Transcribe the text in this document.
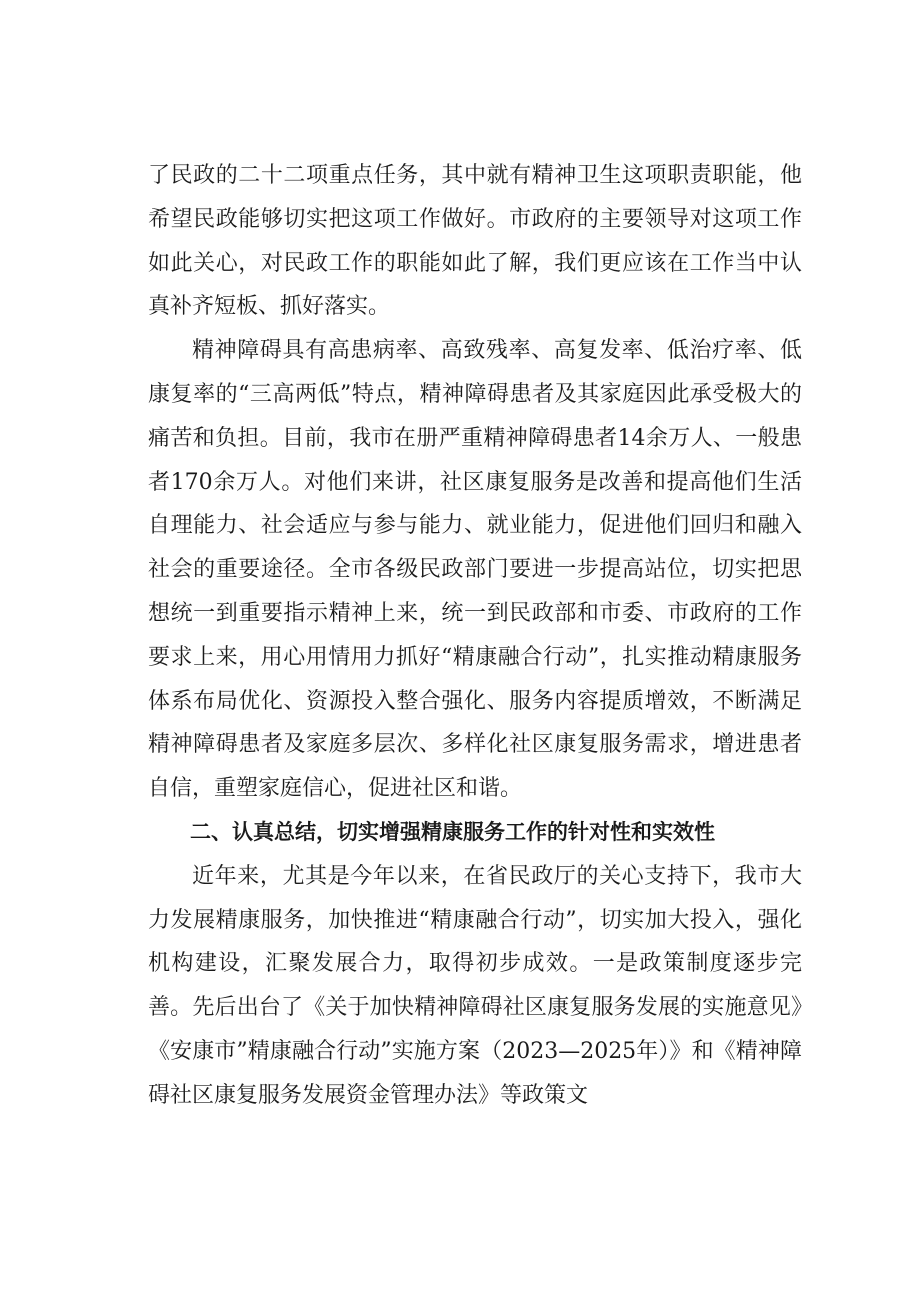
了民政的二十二项重点任务，其中就有精神卫生这项职责职能，他希望民政能够切实把这项工作做好。市政府的主要领导对这项工作如此关心，对民政工作的职能如此了解，我们更应该在工作当中认真补齐短板、抓好落实。

精神障碍具有高患病率、高致残率、高复发率、低治疗率、低康复率的“三高两低”特点，精神障碍患者及其家庭因此承受极大的痛苦和负担。目前，我市在册严重精神障碍患者14余万人、一般患者170余万人。对他们来讲，社区康复服务是改善和提高他们生活自理能力、社会适应与参与能力、就业能力，促进他们回归和融入社会的重要途径。全市各级民政部门要进一步提高站位，切实把思想统一到重要指示精神上来，统一到民政部和市委、市政府的工作要求上来，用心用情用力抓好“精康融合行动”，扎实推动精康服务体系布局优化、资源投入整合强化、服务内容提质增效，不断满足精神障碍患者及家庭多层次、多样化社区康复服务需求，增进患者自信，重塑家庭信心，促进社区和谐。

二、认真总结，切实增强精康服务工作的针对性和实效性

近年来，尤其是今年以来，在省民政厅的关心支持下，我市大力发展精康服务，加快推进“精康融合行动”，切实加大投入，强化机构建设，汇聚发展合力，取得初步成效。一是政策制度逐步完善。先后出台了《关于加快精神障碍社区康复服务发展的实施意见》《安康市”精康融合行动”实施方案（2023—2025年）》和《精神障碍社区康复服务发展资金管理办法》等政策文
